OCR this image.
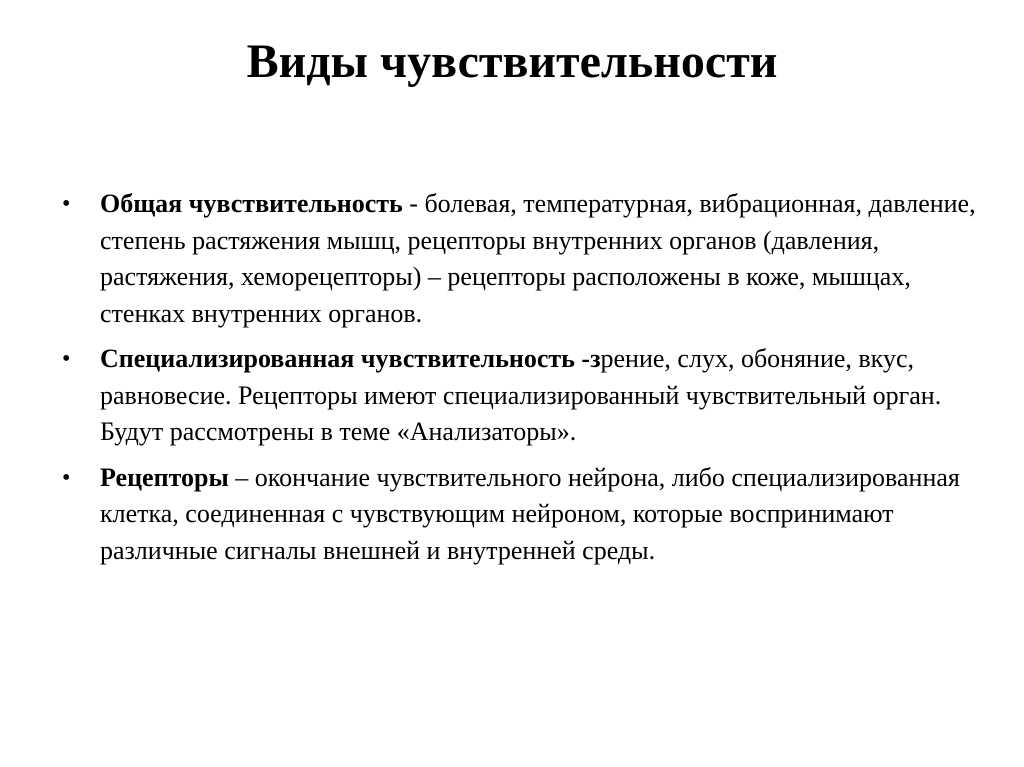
Виды чувствительности
• Общая чувствительность - болевая, температурная, вибрационная, давление, степень растяжения мышц, рецепторы внутренних органов (давления, растяжения, хеморецепторы) – рецепторы расположены в коже, мышцах, стенках внутренних органов.
• Специализированная чувствительность -зрение, слух, обоняние, вкус, равновесие. Рецепторы имеют специализированный чувствительный орган. Будут рассмотрены в теме «Анализаторы».
• Рецепторы – окончание чувствительного нейрона, либо специализированная клетка, соединенная с чувствующим нейроном, которые воспринимают различные сигналы внешней и внутренней среды.
